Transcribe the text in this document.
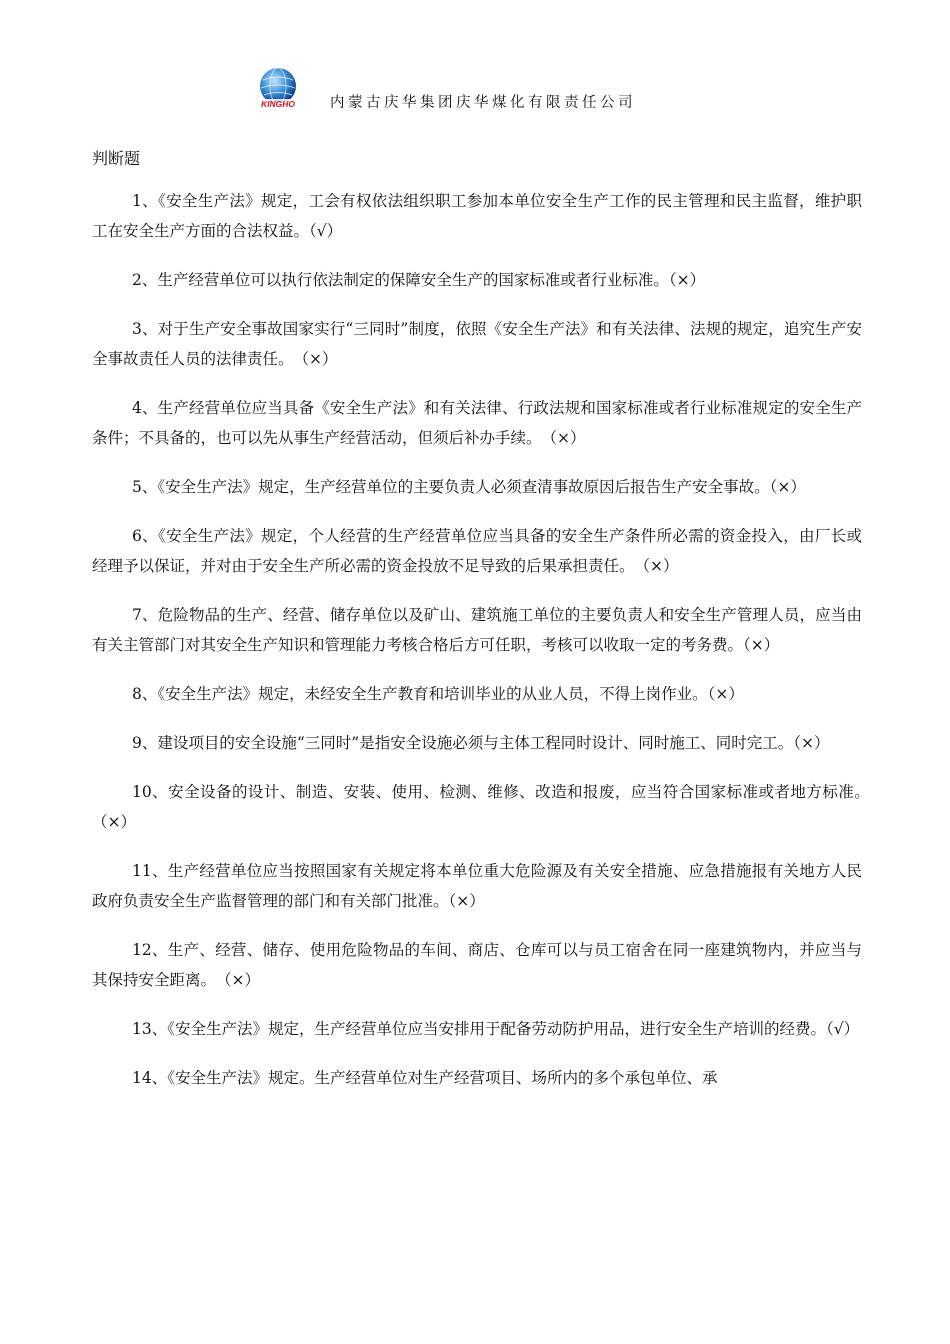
KINGHO 内蒙古庆华集团庆华煤化有限责任公司
判断题
1、《安全生产法》规定，工会有权依法组织职工参加本单位安全生产工作的民主管理和民主监督，维护职工在安全生产方面的合法权益。（√）
2、生产经营单位可以执行依法制定的保障安全生产的国家标准或者行业标准。（×）
3、对于生产安全事故国家实行“三同时”制度，依照《安全生产法》和有关法律、法规的规定，追究生产安全事故责任人员的法律责任。　（×）
4、生产经营单位应当具备《安全生产法》和有关法律、行政法规和国家标准或者行业标准规定的安全生产条件；不具备的，也可以先从事生产经营活动，但须后补办手续。　（×）
5、《安全生产法》规定，生产经营单位的主要负责人必须查清事故原因后报告生产安全事故。（×）
6、《安全生产法》规定，个人经营的生产经营单位应当具备的安全生产条件所必需的资金投入，由厂长或经理予以保证，并对由于安全生产所必需的资金投放不足导致的后果承担责任。　（×）
7、危险物品的生产、经营、储存单位以及矿山、建筑施工单位的主要负责人和安全生产管理人员，应当由有关主管部门对其安全生产知识和管理能力考核合格后方可任职，考核可以收取一定的考务费。（×）
8、《安全生产法》规定，未经安全生产教育和培训毕业的从业人员，不得上岗作业。（×）
9、建设项目的安全设施“三同时”是指安全设施必须与主体工程同时设计、同时施工、同时完工。（×）
10、安全设备的设计、制造、安装、使用、检测、维修、改造和报废，应当符合国家标准或者地方标准。　（×）
11、生产经营单位应当按照国家有关规定将本单位重大危险源及有关安全措施、应急措施报有关地方人民政府负责安全生产监督管理的部门和有关部门批准。（×）
12、生产、经营、储存、使用危险物品的车间、商店、仓库可以与员工宿舍在同一座建筑物内，并应当与其保持安全距离。　（×）
13、《安全生产法》规定，生产经营单位应当安排用于配备劳动防护用品，进行安全生产培训的经费。（√）
14、《安全生产法》规定。生产经营单位对生产经营项目、场所内的多个承包单位、承
